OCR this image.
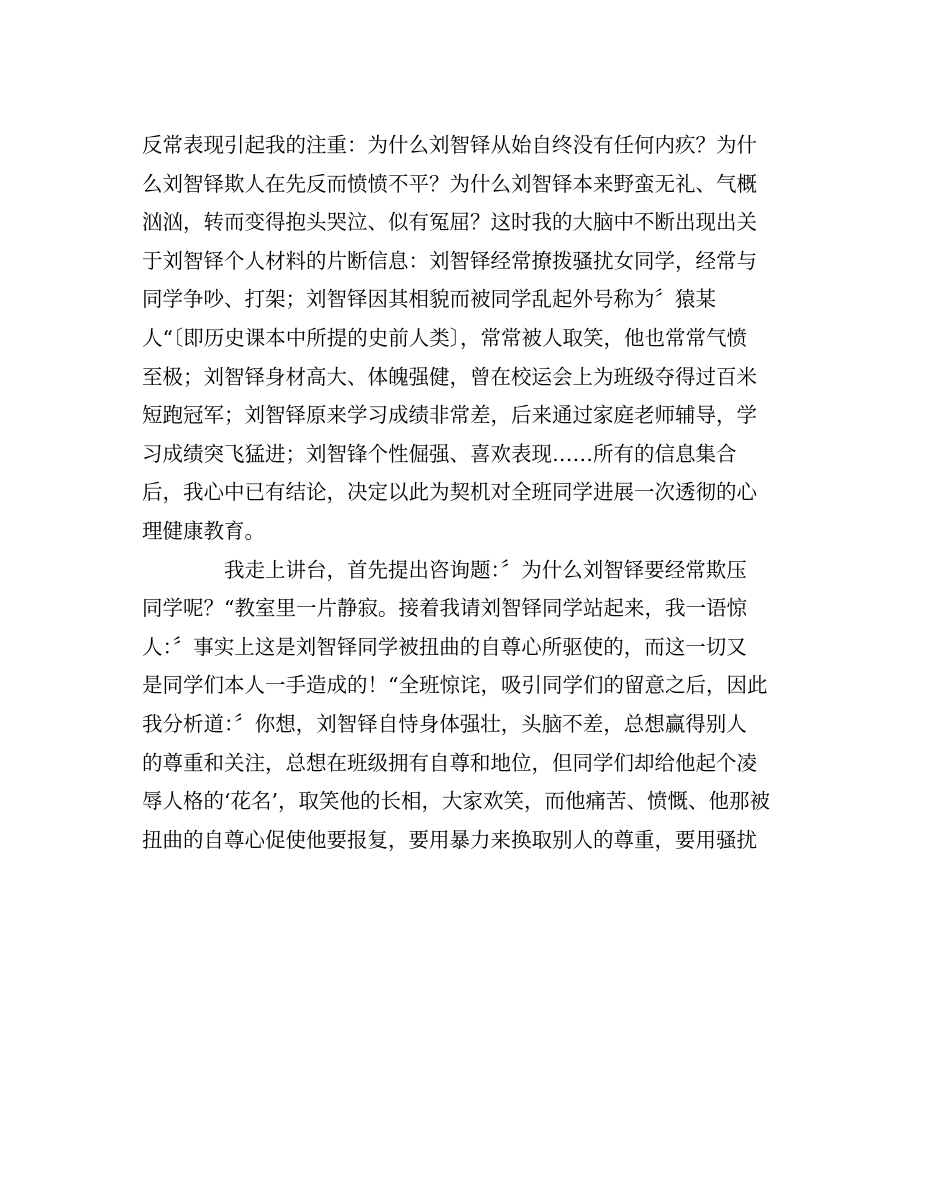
反常表现引起我的注重：为什么刘智铎从始自终没有任何内疚？为什
么刘智铎欺人在先反而愤愤不平？为什么刘智铎本来野蛮无礼、气概
汹汹，转而变得抱头哭泣、似有冤屈？这时我的大脑中不断出现出关
于刘智铎个人材料的片断信息：刘智铎经常撩拨骚扰女同学，经常与
同学争吵、打架；刘智铎因其相貌而被同学乱起外号称为〞猿某
人“〔即历史课本中所提的史前人类〕，常常被人取笑，他也常常气愤
至极；刘智铎身材高大、体魄强健，曾在校运会上为班级夺得过百米
短跑冠军；刘智铎原来学习成绩非常差，后来通过家庭老师辅导，学
习成绩突飞猛进；刘智锋个性倔强、喜欢表现……所有的信息集合
后，我心中已有结论，决定以此为契机对全班同学进展一次透彻的心
理健康教育。
我走上讲台，首先提出咨询题：〞为什么刘智铎要经常欺压
同学呢？“教室里一片静寂。接着我请刘智铎同学站起来，我一语惊
人：〞事实上这是刘智铎同学被扭曲的自尊心所驱使的，而这一切又
是同学们本人一手造成的！“全班惊诧，吸引同学们的留意之后，因此
我分析道：〞你想，刘智铎自恃身体强壮，头脑不差，总想赢得别人
的尊重和关注，总想在班级拥有自尊和地位，但同学们却给他起个凌
辱人格的‘花名’，取笑他的长相，大家欢笑，而他痛苦、愤慨、他那被
扭曲的自尊心促使他要报复，要用暴力来换取别人的尊重，要用骚扰
